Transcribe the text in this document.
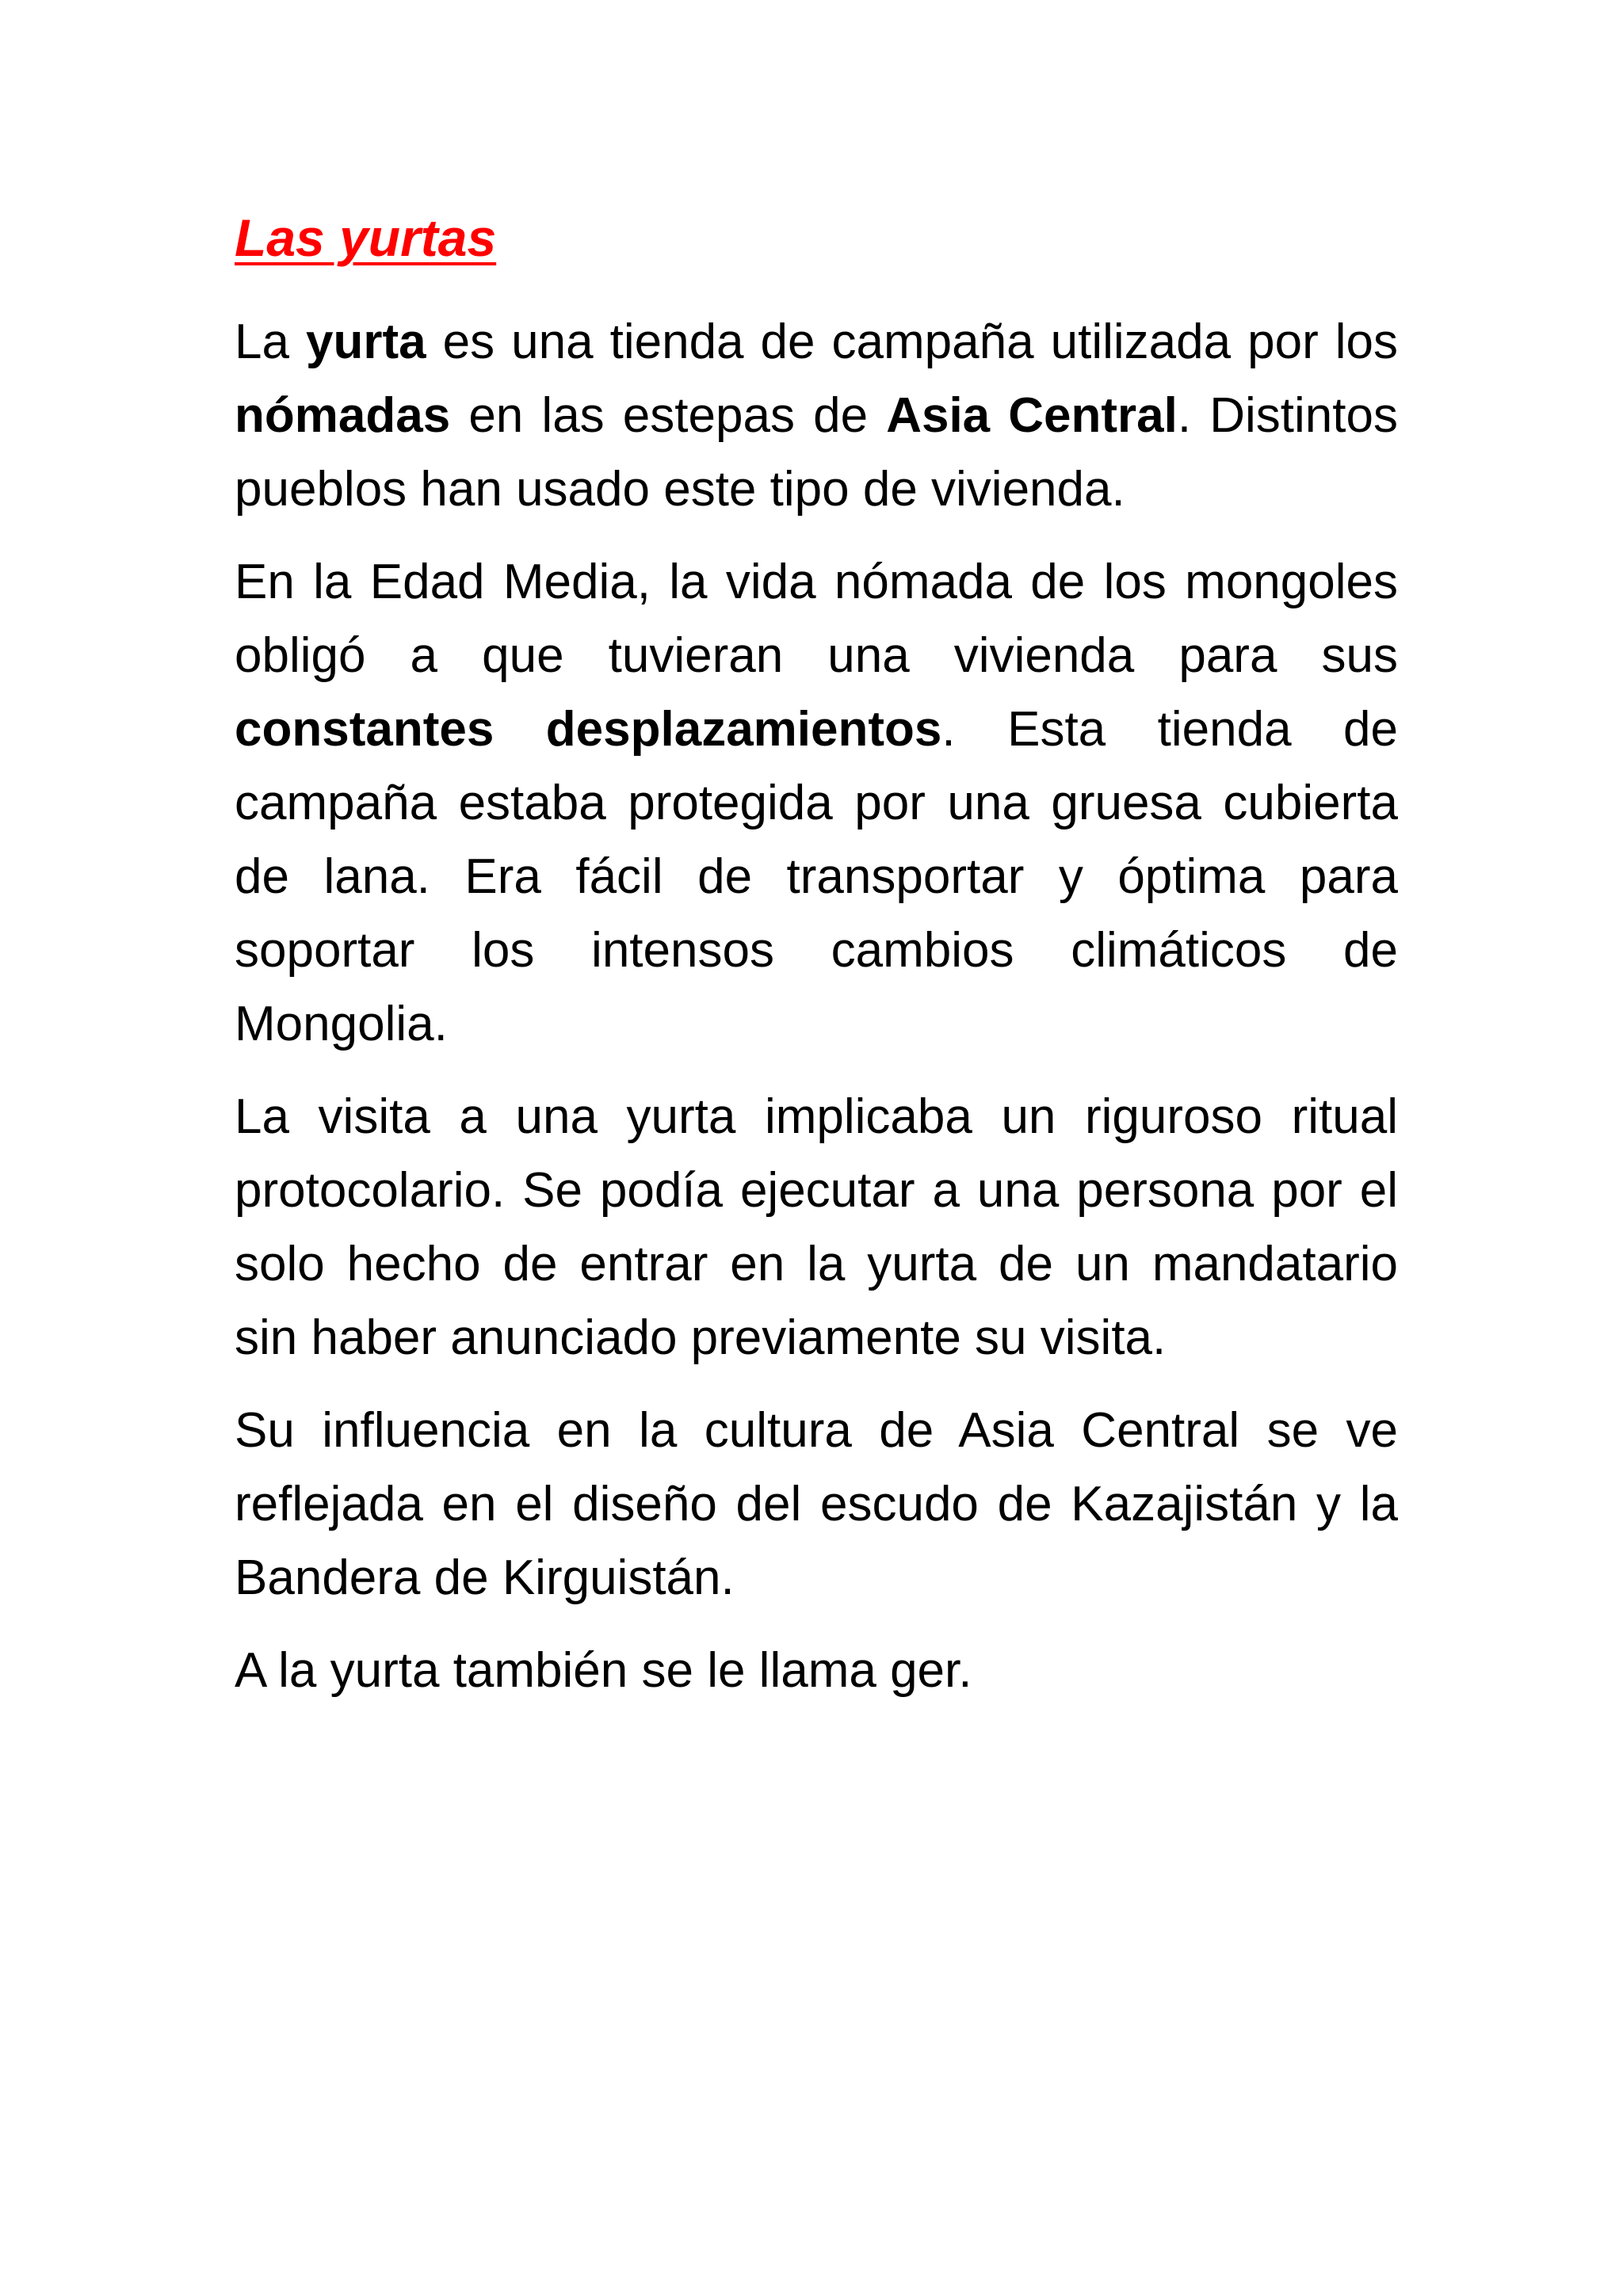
Las yurtas

La yurta es una tienda de campaña utilizada por los nómadas en las estepas de Asia Central. Distintos pueblos han usado este tipo de vivienda.

En la Edad Media, la vida nómada de los mongoles obligó a que tuvieran una vivienda para sus constantes desplazamientos. Esta tienda de campaña estaba protegida por una gruesa cubierta de lana. Era fácil de transportar y óptima para soportar los intensos cambios climáticos de Mongolia.

La visita a una yurta implicaba un riguroso ritual protocolario. Se podía ejecutar a una persona por el solo hecho de entrar en la yurta de un mandatario sin haber anunciado previamente su visita.

Su influencia en la cultura de Asia Central se ve reflejada en el diseño del escudo de Kazajistán y la Bandera de Kirguistán.

A la yurta también se le llama ger.
